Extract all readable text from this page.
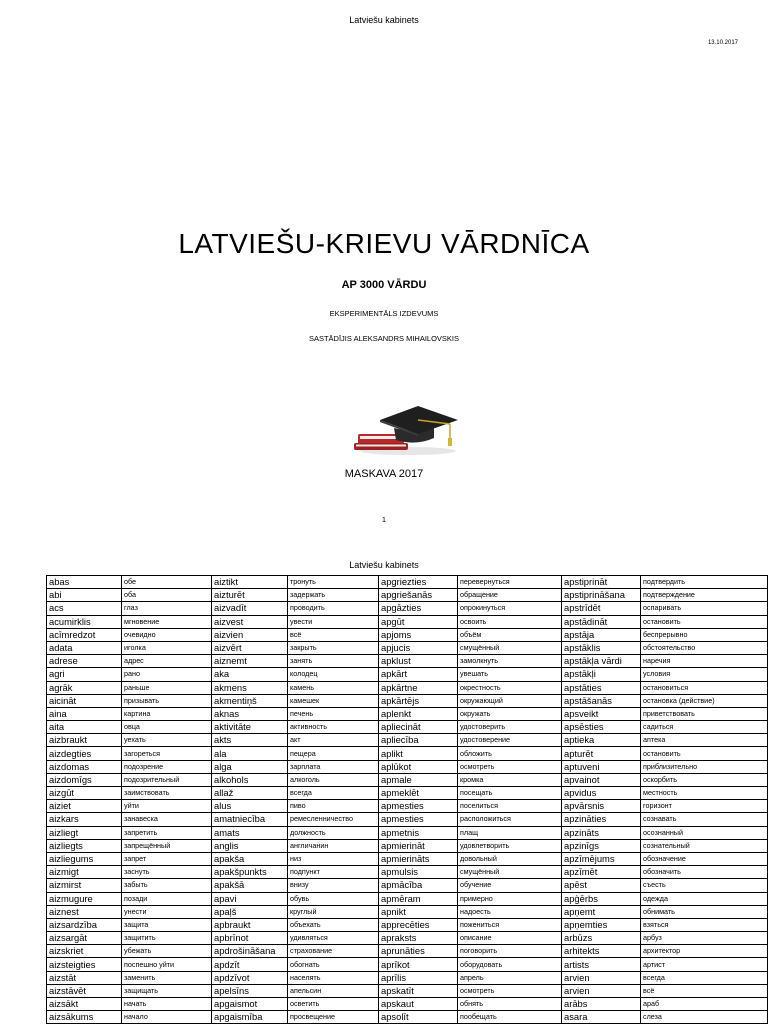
Latviešu kabinets
13.10.2017
LATVIEŠU-KRIEVU VĀRDNĪCA
AP 3000 VĀRDU
EKSPERIMENTĀLS IZDEVUMS
SASTĀDĪJIS ALEKSANDRS MIHAILOVSKIS
MASKAVA 2017
1
Latviešu kabinets
abas	обе	aiztikt	тронуть	apgriezties	перевернуться	apstiprināt	подтвердить
abi	оба	aizturēt	задержать	apgriešanās	обращение	apstiprināšana	подтверждение
acs	глаз	aizvadīt	проводить	apgāzties	опрокинуться	apstrīdēt	оспаривать
acumirklis	мгновение	aizvest	увести	apgūt	освоить	apstādināt	остановить
acīmredzot	очевидно	aizvien	всё	apjoms	объём	apstāja	беспрерывно
adata	иголка	aizvērt	закрыть	apjucis	смущённый	apstāklis	обстоятельство
adrese	адрес	aiznemt	занять	apklust	замолкнуть	apstākļa vārdi	наречия
agri	рано	aka	колодец	apkārt	увешать	apstākļi	условия
agrāk	раньше	akmens	камень	apkārtne	окрестность	apstāties	остановиться
aicināt	призывать	akmentiņš	камешек	apkārtējs	окружающий	apstāšanās	остановка (действие)
aina	картина	aknas	печень	aplenkt	окружать	apsveikt	приветствовать
aita	овца	aktivitāte	активность	apliecināt	удостоверить	apsēsties	садиться
aizbraukt	уехать	akts	акт	apliecība	удостоверение	aptieka	аптека
aizdegties	загореться	ala	пещера	aplikt	обложить	apturēt	остановить
aizdomas	подозрение	alga	зарплата	aplūkot	осмотреть	aptuveni	приблизительно
aizdomīgs	подозрительный	alkohols	алкоголь	apmale	кромка	apvainot	оскорбить
aizgūt	заимствовать	allaž	всегда	apmeklēt	посещать	apvidus	местность
aiziet	уйти	alus	пиво	apmesties	поселиться	apvārsnis	горизонт
aizkars	занавеска	amatniecība	ремесленничество	apmesties	расположиться	apzināties	сознавать
aizliegt	запретить	amats	должность	apmetnis	плащ	apzināts	осознанный
aizliegts	запрещённый	anglis	англичанин	apmierināt	удовлетворить	apzinīgs	сознательный
aizliegums	запрет	apakša	низ	apmierināts	довольный	apzīmējums	обозначение
aizmigt	заснуть	apakšpunkts	подпункт	apmulsis	смущённый	apzīmēt	обозначить
aizmirst	забыть	apakšā	внизу	apmācība	обучение	apēst	съесть
aizmugure	позади	apavi	обувь	apmēram	примерно	apģērbs	одежда
aiznest	унести	apaļš	круглый	apnikt	надоесть	apņemt	обнимать
aizsardzība	защита	apbraukt	объехать	apprecēties	пожениться	apņemties	взяться
aizsargāt	защитить	apbrīnot	удивляться	apraksts	описание	arbūzs	арбуз
aizskriet	убежать	apdrošināšana	страхование	aprunāties	поговорить	arhitekts	архитектор
aizsteigties	поспешно уйти	apdzīt	обогнать	aprīkot	оборудовать	artists	артист
aizstāt	заменить	apdzīvot	населять	aprīlis	апрель	arvien	всегда
aizstāvēt	защищать	apelsīns	апельсин	apskatīt	осмотреть	arvien	всё
aizsākt	начать	apgaismot	осветить	apskaut	обнять	arābs	араб
aizsākums	начало	apgaismība	просвещение	apsolīt	пообещать	asara	слеза
